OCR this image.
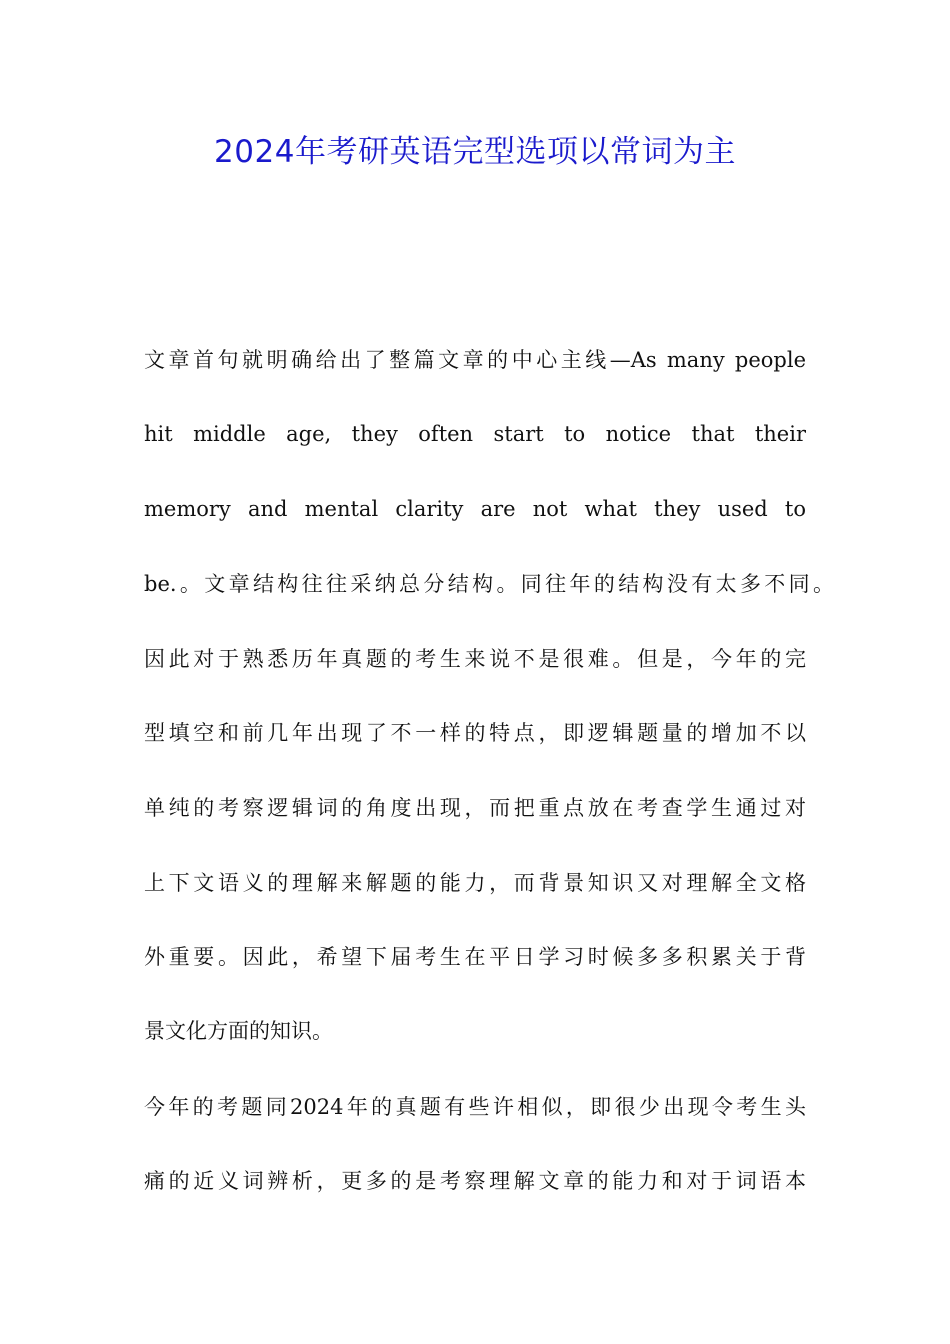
2024年考研英语完型选项以常词为主
文章首句就明确给出了整篇文章的中心主线—As many people
hit middle age, they often start to notice that their
memory and mental clarity are not what they used to
be.。文章结构往往采纳总分结构。同往年的结构没有太多不同。
因此对于熟悉历年真题的考生来说不是很难。但是，今年的完
型填空和前几年出现了不一样的特点，即逻辑题量的增加不以
单纯的考察逻辑词的角度出现，而把重点放在考查学生通过对
上下文语义的理解来解题的能力，而背景知识又对理解全文格
外重要。因此，希望下届考生在平日学习时候多多积累关于背
景文化方面的知识。
今年的考题同2024年的真题有些许相似，即很少出现令考生头
痛的近义词辨析，更多的是考察理解文章的能力和对于词语本
